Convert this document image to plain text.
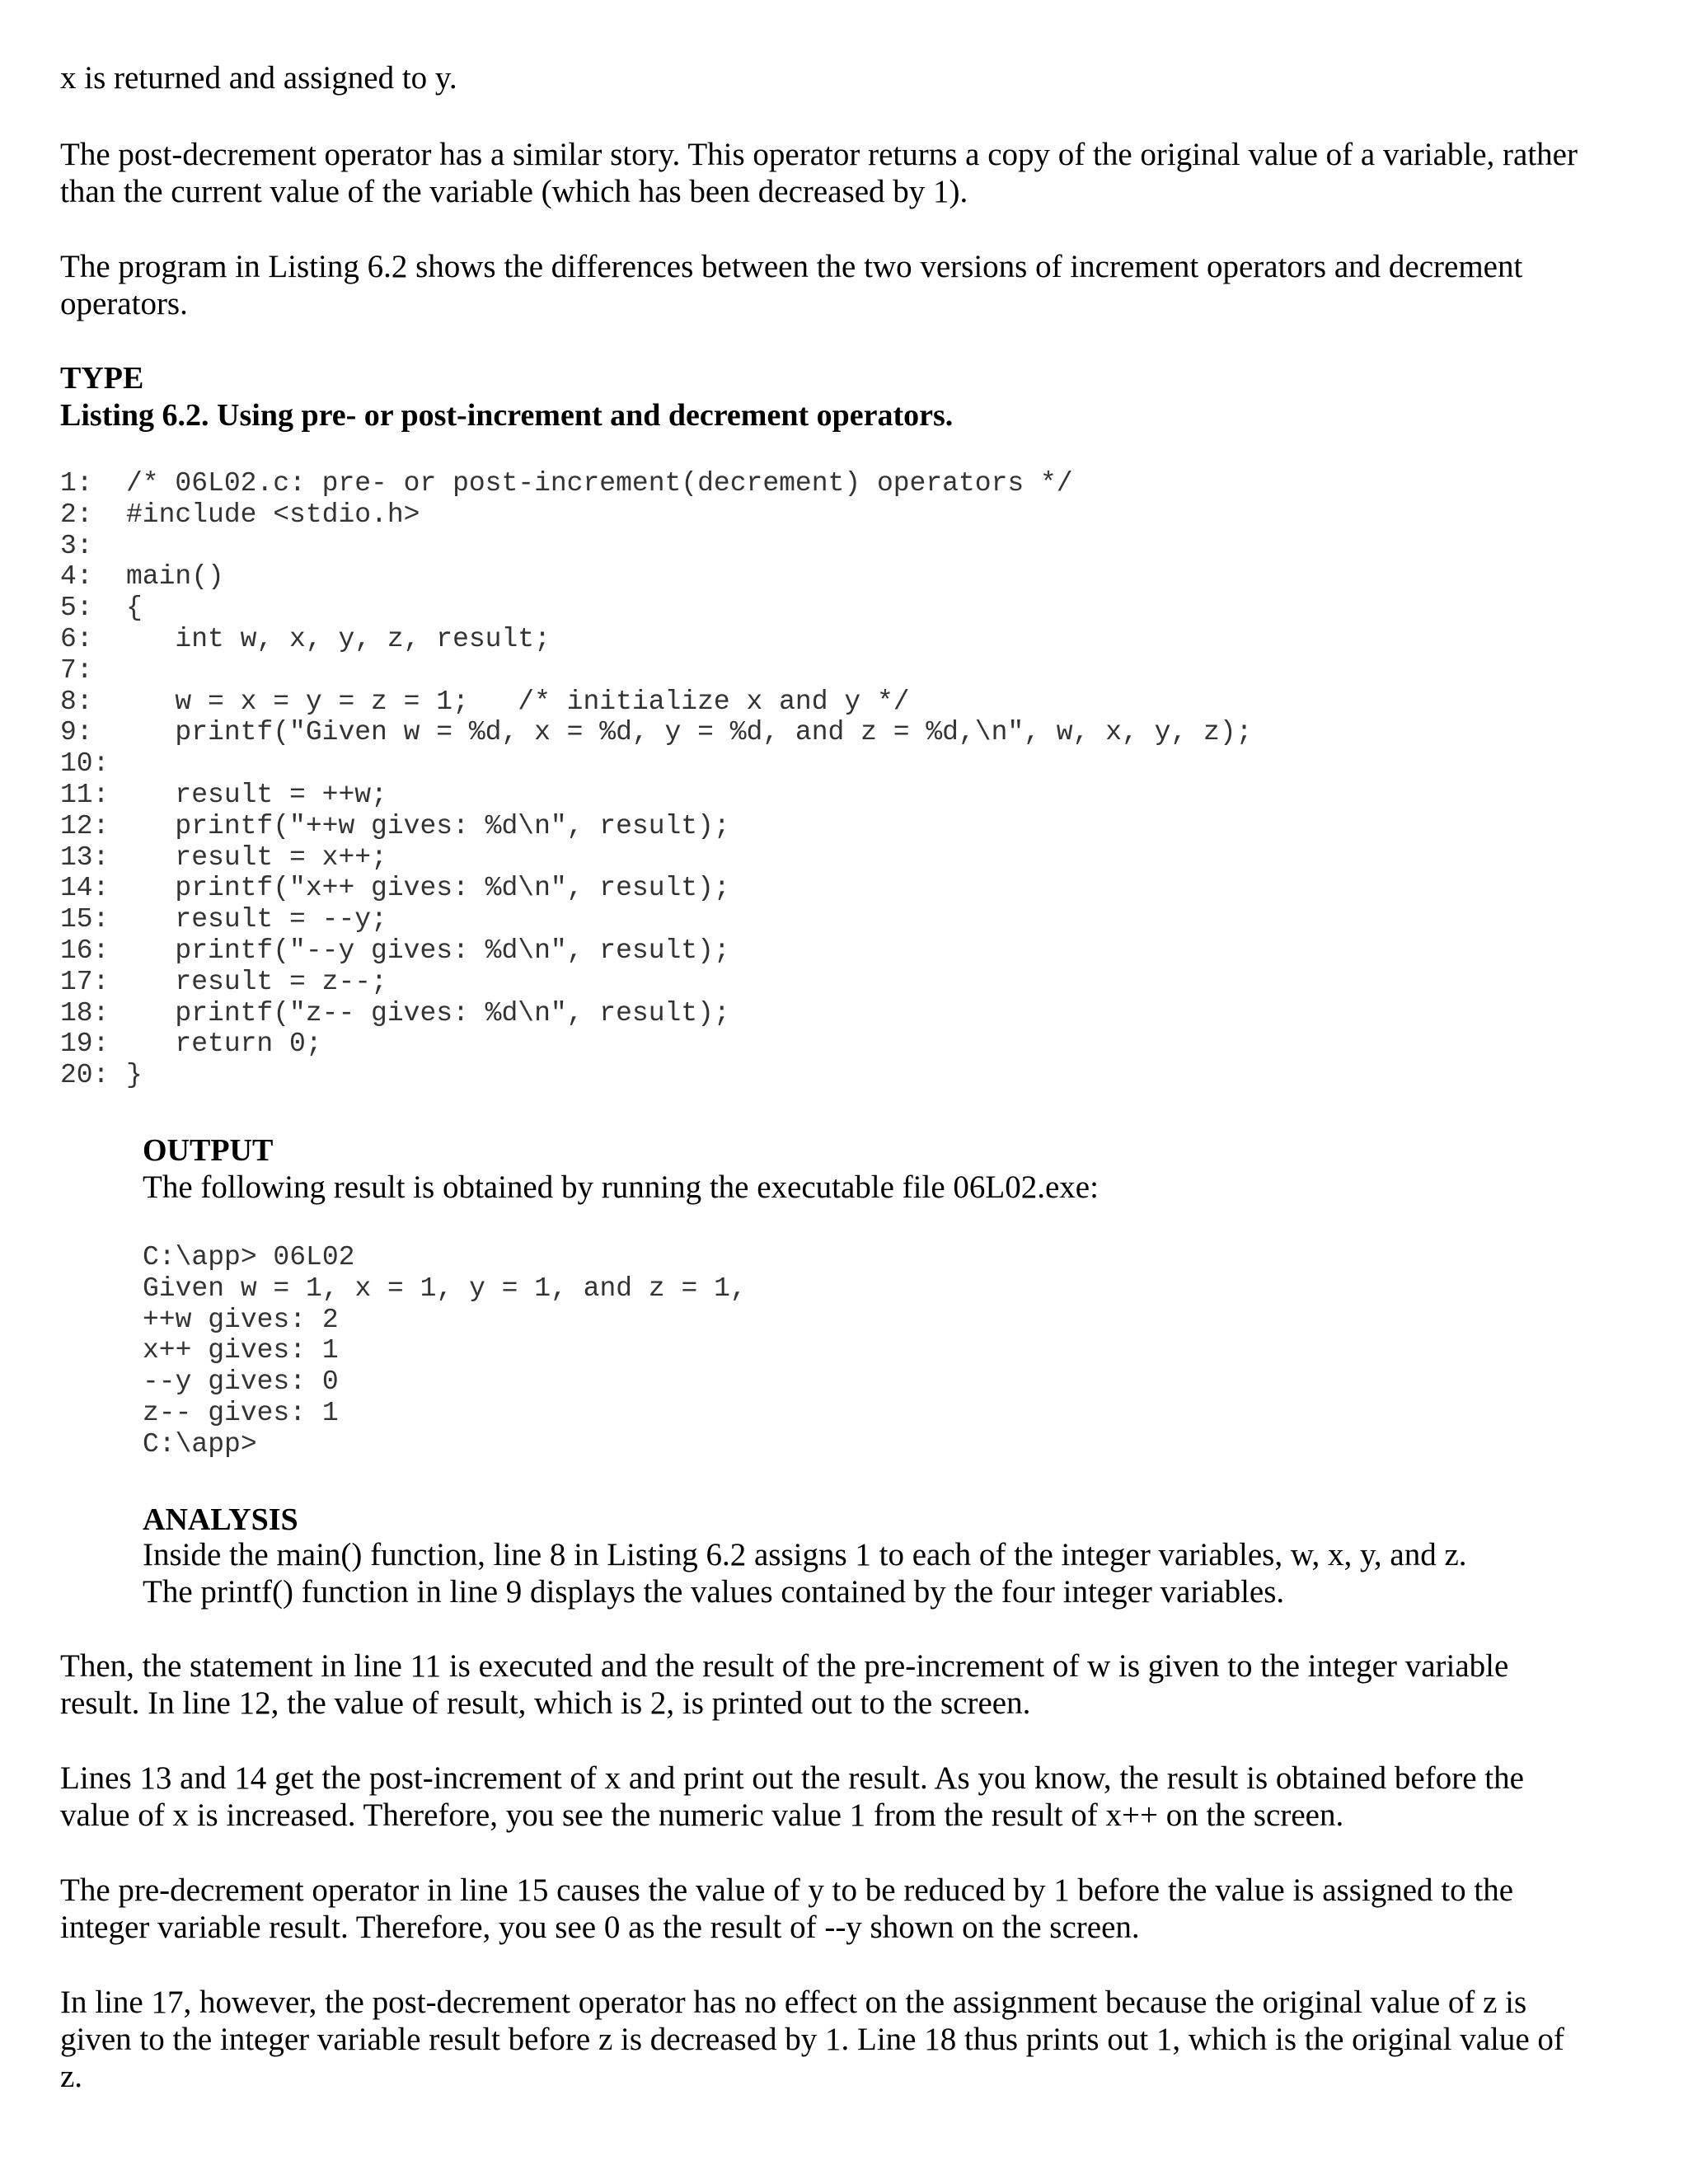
x is returned and assigned to y.
The post-decrement operator has a similar story. This operator returns a copy of the original value of a variable, rather
than the current value of the variable (which has been decreased by 1).
The program in Listing 6.2 shows the differences between the two versions of increment operators and decrement
operators.
TYPE
Listing 6.2. Using pre- or post-increment and decrement operators.
1: /* 06L02.c: pre- or post-increment(decrement) operators */
2: #include <stdio.h>
3:
4: main()
5: {
6:   int w, x, y, z, result;
7:
8:   w = x = y = z = 1;   /* initialize x and y */
9:   printf("Given w = %d, x = %d, y = %d, and z = %d,\n", w, x, y, z);
10:
11:   result = ++w;
12:   printf("++w gives: %d\n", result);
13:   result = x++;
14:   printf("x++ gives: %d\n", result);
15:   result = --y;
16:   printf("--y gives: %d\n", result);
17:   result = z--;
18:   printf("z-- gives: %d\n", result);
19:   return 0;
20: }
OUTPUT
The following result is obtained by running the executable file 06L02.exe:
C:\app> 06L02
Given w = 1, x = 1, y = 1, and z = 1,
++w gives: 2
x++ gives: 1
--y gives: 0
z-- gives: 1
C:\app>
ANALYSIS
Inside the main() function, line 8 in Listing 6.2 assigns 1 to each of the integer variables, w, x, y, and z.
The printf() function in line 9 displays the values contained by the four integer variables.
Then, the statement in line 11 is executed and the result of the pre-increment of w is given to the integer variable
result. In line 12, the value of result, which is 2, is printed out to the screen.
Lines 13 and 14 get the post-increment of x and print out the result. As you know, the result is obtained before the
value of x is increased. Therefore, you see the numeric value 1 from the result of x++ on the screen.
The pre-decrement operator in line 15 causes the value of y to be reduced by 1 before the value is assigned to the
integer variable result. Therefore, you see 0 as the result of --y shown on the screen.
In line 17, however, the post-decrement operator has no effect on the assignment because the original value of z is
given to the integer variable result before z is decreased by 1. Line 18 thus prints out 1, which is the original value of
z.
